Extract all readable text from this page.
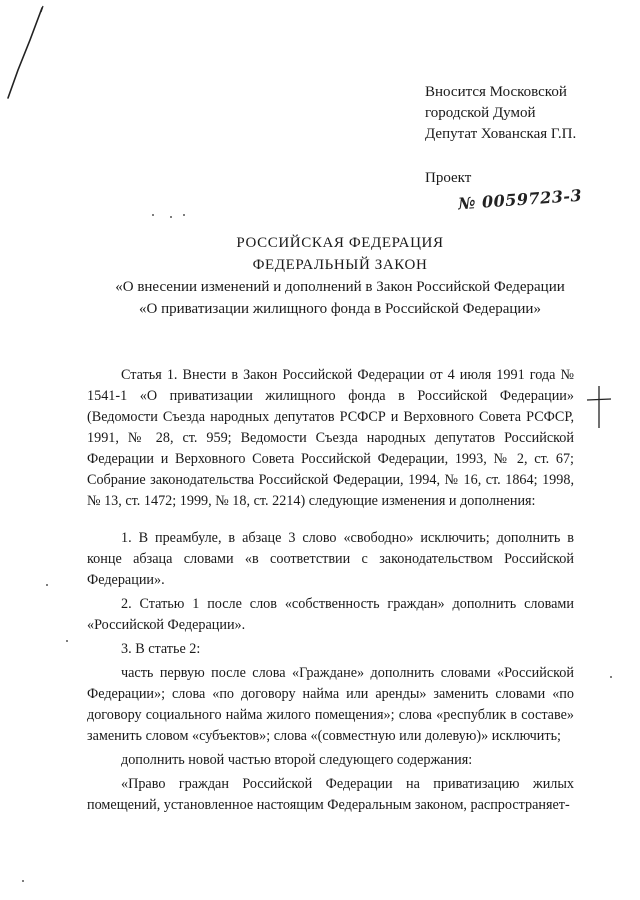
Вносится Московской
городской Думой
Депутат Хованская Г.П.
Проект
№ 0059723-3
РОССИЙСКАЯ ФЕДЕРАЦИЯ
ФЕДЕРАЛЬНЫЙ ЗАКОН
«О внесении изменений и дополнений в Закон Российской Федерации
«О приватизации жилищного фонда в Российской Федерации»

Статья 1. Внести в Закон Российской Федерации от 4 июля 1991 года № 1541-1 «О приватизации жилищного фонда в Российской Федерации» (Ведомости Съезда народных депутатов РСФСР и Верховного Совета РСФСР, 1991, № 28, ст. 959; Ведомости Съезда народных депутатов Российской Федерации и Верховного Совета Российской Федерации, 1993, № 2, ст. 67; Собрание законодательства Российской Федерации, 1994, № 16, ст. 1864; 1998, № 13, ст. 1472; 1999, № 18, ст. 2214) следующие изменения и дополнения:

1. В преамбуле, в абзаце 3 слово «свободно» исключить; дополнить в конце абзаца словами «в соответствии с законодательством Российской Федерации».

2. Статью 1 после слов «собственность граждан» дополнить словами «Российской Федерации».

3. В статье 2:

часть первую после слова «Граждане» дополнить словами «Российской Федерации»; слова «по договору найма или аренды» заменить словами «по договору социального найма жилого помещения»; слова «республик в составе» заменить словом «субъектов»; слова «(совместную или долевую)» исключить;

дополнить новой частью второй следующего содержания:

«Право граждан Российской Федерации на приватизацию жилых помещений, установленное настоящим Федеральным законом, распространяет-
